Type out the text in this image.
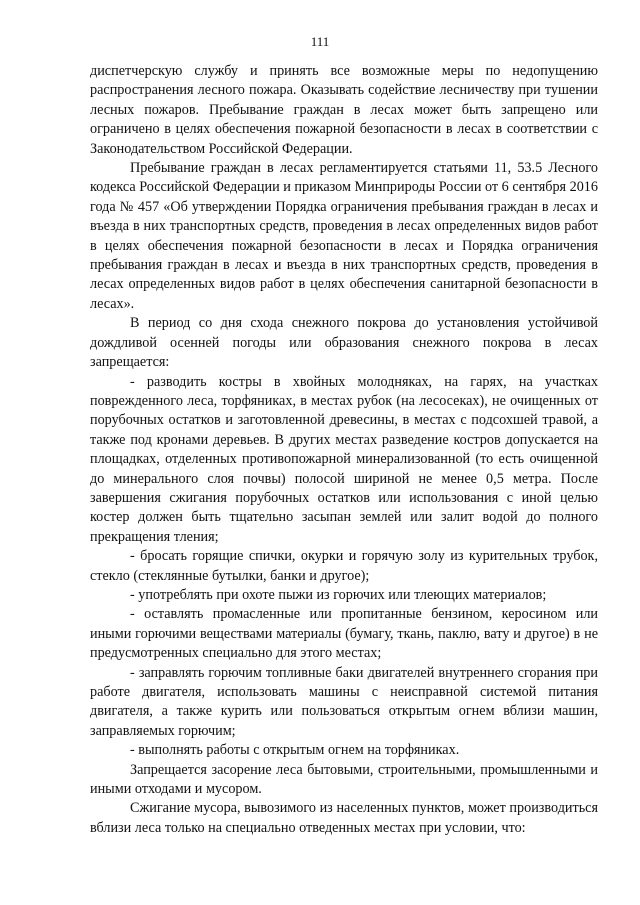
111

диспетчерскую службу и принять все возможные меры по недопущению распространения лесного пожара. Оказывать содействие лесничеству при тушении лесных пожаров. Пребывание граждан в лесах может быть запрещено или ограничено в целях обеспечения пожарной безопасности в лесах в соответствии с Законодательством Российской Федерации.

Пребывание граждан в лесах регламентируется статьями 11, 53.5 Лесного кодекса Российской Федерации и приказом Минприроды России от 6 сентября 2016 года № 457 «Об утверждении Порядка ограничения пребывания граждан в лесах и въезда в них транспортных средств, проведения в лесах определенных видов работ в целях обеспечения пожарной безопасности в лесах и Порядка ограничения пребывания граждан в лесах и въезда в них транспортных средств, проведения в лесах определенных видов работ в целях обеспечения санитарной безопасности в лесах».

В период со дня схода снежного покрова до установления устойчивой дождливой осенней погоды или образования снежного покрова в лесах запрещается:

- разводить костры в хвойных молодняках, на гарях, на участках поврежденного леса, торфяниках, в местах рубок (на лесосеках), не очищенных от порубочных остатков и заготовленной древесины, в местах с подсохшей травой, а также под кронами деревьев. В других местах разведение костров допускается на площадках, отделенных противопожарной минерализованной (то есть очищенной до минерального слоя почвы) полосой шириной не менее 0,5 метра. После завершения сжигания порубочных остатков или использования с иной целью костер должен быть тщательно засыпан землей или залит водой до полного прекращения тления;

- бросать горящие спички, окурки и горячую золу из курительных трубок, стекло (стеклянные бутылки, банки и другое);

- употреблять при охоте пыжи из горючих или тлеющих материалов;

- оставлять промасленные или пропитанные бензином, керосином или иными горючими веществами материалы (бумагу, ткань, паклю, вату и другое) в не предусмотренных специально для этого местах;

- заправлять горючим топливные баки двигателей внутреннего сгорания при работе двигателя, использовать машины с неисправной системой питания двигателя, а также курить или пользоваться открытым огнем вблизи машин, заправляемых горючим;

- выполнять работы с открытым огнем на торфяниках.

Запрещается засорение леса бытовыми, строительными, промышленными и иными отходами и мусором.

Сжигание мусора, вывозимого из населенных пунктов, может производиться вблизи леса только на специально отведенных местах при условии, что:
